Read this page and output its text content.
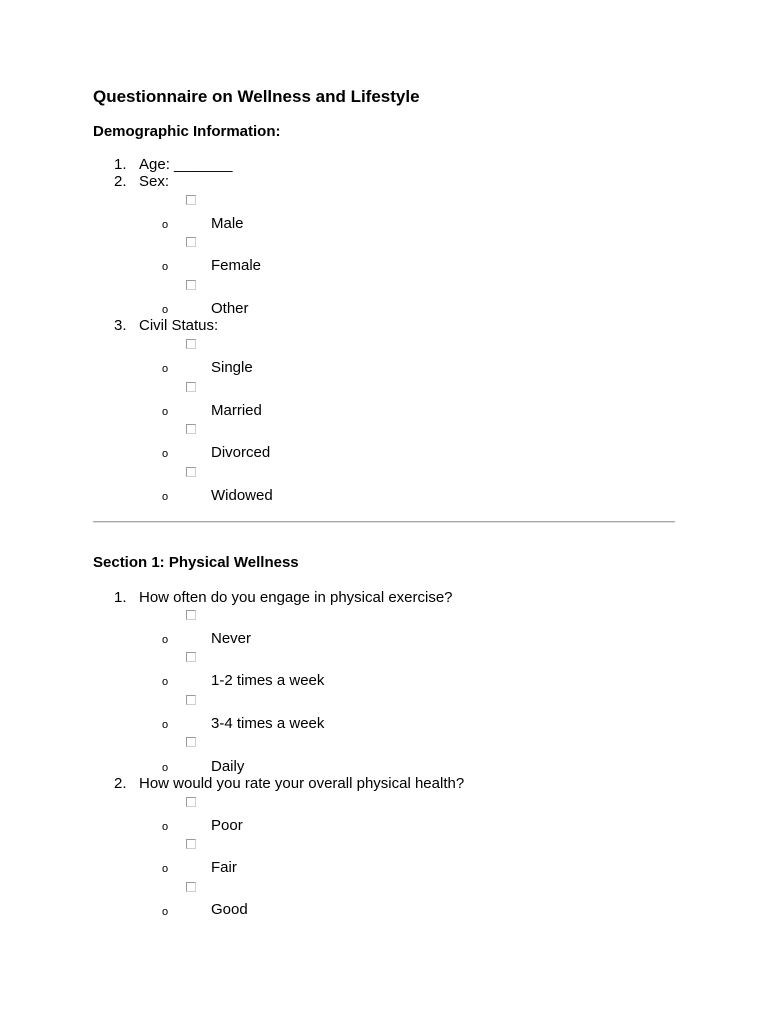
Questionnaire on Wellness and Lifestyle
Demographic Information:
1. Age: _______
2. Sex:
o	Male
o	Female
o	Other
3. Civil Status:
o	Single
o	Married
o	Divorced
o	Widowed
Section 1: Physical Wellness
1. How often do you engage in physical exercise?
o	Never
o	1-2 times a week
o	3-4 times a week
o	Daily
2. How would you rate your overall physical health?
o	Poor
o	Fair
o	Good
